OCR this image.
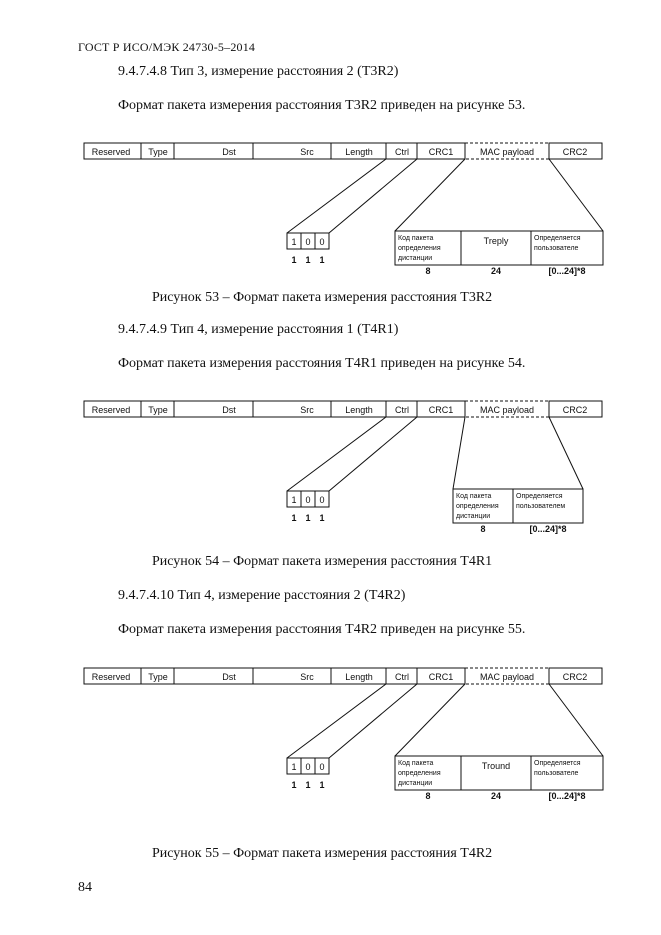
ГОСТ Р ИСО/МЭК 24730-5–2014
9.4.7.4.8 Тип 3, измерение расстояния 2 (T3R2)
Формат пакета измерения расстояния T3R2 приведен на рисунке 53.
Reserved Type	Dst	Src	Length Ctrl CRC1	MAC payload	CRC2
1
1
0
1
0
1
Код пакета
определения
дистанции
8
Treply
24
Определяется
пользователе
[0...24]*8
Рисунок 53 – Формат пакета измерения расстояния T3R2
9.4.7.4.9 Тип 4, измерение расстояния 1 (T4R1)
Формат пакета измерения расстояния T4R1 приведен на рисунке 54.
Reserved Type	Dst	Src	Length Ctrl CRC1	MAC payload	CRC2
1
1
0
1
0
1
Код пакета
определения
дистанции
8
Определяется
пользователем
[0...24]*8
Рисунок 54 – Формат пакета измерения расстояния T4R1
9.4.7.4.10 Тип 4, измерение расстояния 2 (T4R2)
Формат пакета измерения расстояния T4R2 приведен на рисунке 55.
Reserved Type	Dst	Src	Length Ctrl CRC1	MAC payload	CRC2
1
1
0
1
0
1
Код пакета
определения
дистанции
8
Tround
24
Определяется
пользователе
[0...24]*8
Рисунок 55 – Формат пакета измерения расстояния T4R2
84
